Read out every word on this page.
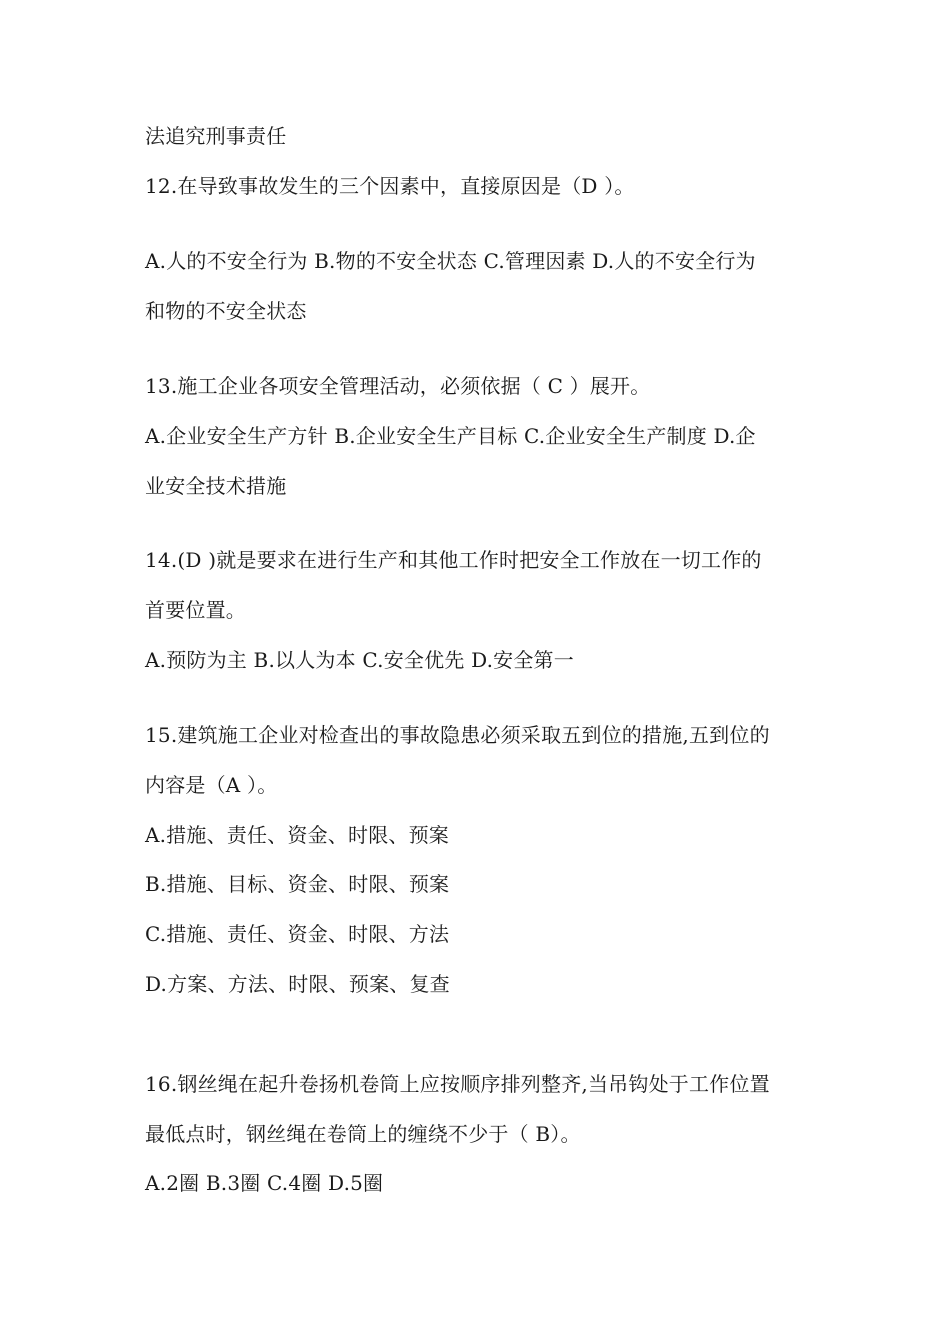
法追究刑事责任
12.在导致事故发生的三个因素中，直接原因是（D ）。
A.人的不安全行为 B.物的不安全状态 C.管理因素 D.人的不安全行为
和物的不安全状态
13.施工企业各项安全管理活动，必须依据（ C ）展开。
A.企业安全生产方针 B.企业安全生产目标 C.企业安全生产制度 D.企
业安全技术措施
14.(D )就是要求在进行生产和其他工作时把安全工作放在一切工作的
首要位置。
A.预防为主 B.以人为本 C.安全优先 D.安全第一
15.建筑施工企业对检查出的事故隐患必须采取五到位的措施,五到位的
内容是（A ）。
A.措施、责任、资金、时限、预案
B.措施、目标、资金、时限、预案
C.措施、责任、资金、时限、方法
D.方案、方法、时限、预案、复查
16.钢丝绳在起升卷扬机卷筒上应按顺序排列整齐,当吊钩处于工作位置
最低点时，钢丝绳在卷筒上的缠绕不少于（ B）。
A.2圈 B.3圈 C.4圈 D.5圈
